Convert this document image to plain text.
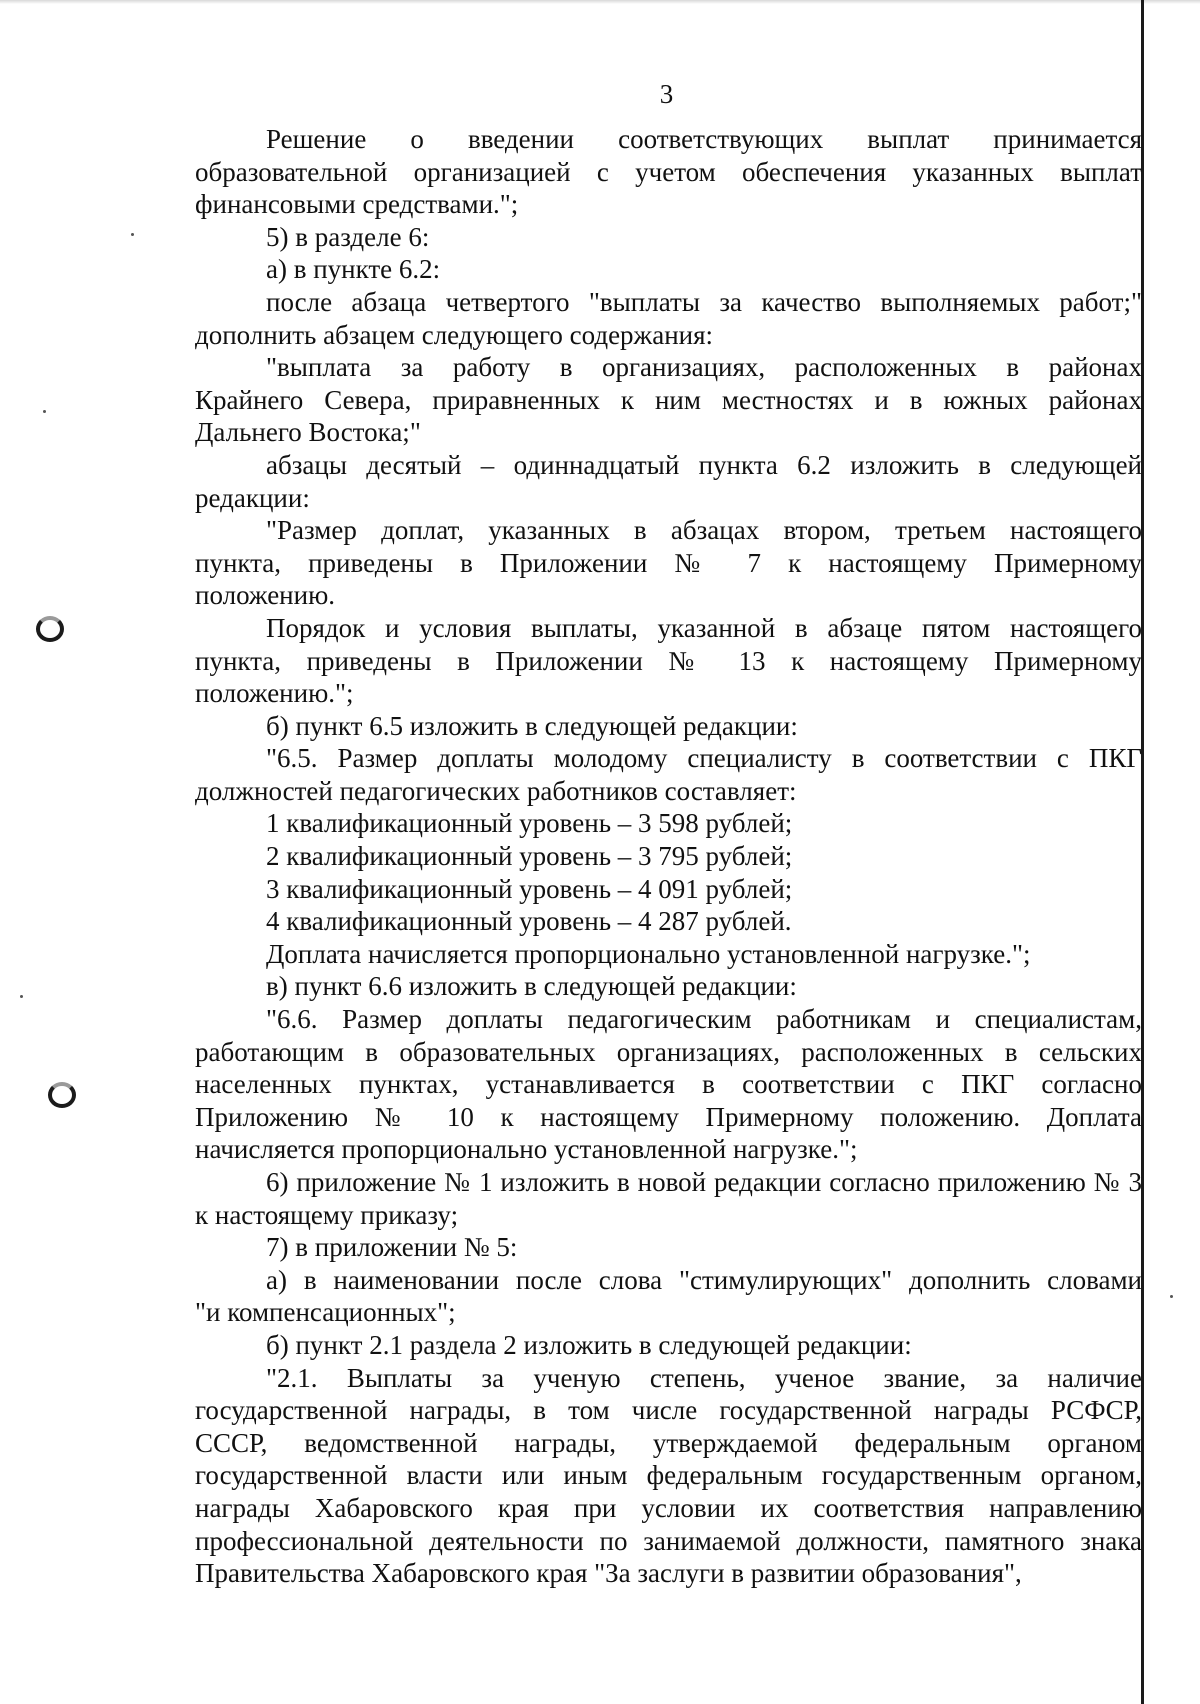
3
Решение о введении соответствующих выплат принимается
образовательной организацией с учетом обеспечения указанных выплат
финансовыми средствами.";
5) в разделе 6:
а) в пункте 6.2:
после абзаца четвертого "выплаты за качество выполняемых работ;"
дополнить абзацем следующего содержания:
"выплата за работу в организациях, расположенных в районах
Крайнего Севера, приравненных к ним местностях и в южных районах
Дальнего Востока;"
абзацы десятый – одиннадцатый пункта 6.2 изложить в следующей
редакции:
"Размер доплат, указанных в абзацах втором, третьем настоящего
пункта, приведены в Приложении № 7 к настоящему Примерному
положению.
Порядок и условия выплаты, указанной в абзаце пятом настоящего
пункта, приведены в Приложении № 13 к настоящему Примерному
положению.";
б) пункт 6.5 изложить в следующей редакции:
"6.5. Размер доплаты молодому специалисту в соответствии с ПКГ
должностей педагогических работников составляет:
1 квалификационный уровень – 3 598 рублей;
2 квалификационный уровень – 3 795 рублей;
3 квалификационный уровень – 4 091 рублей;
4 квалификационный уровень – 4 287 рублей.
Доплата начисляется пропорционально установленной нагрузке.";
в) пункт 6.6 изложить в следующей редакции:
"6.6. Размер доплаты педагогическим работникам и специалистам,
работающим в образовательных организациях, расположенных в сельских
населенных пунктах, устанавливается в соответствии с ПКГ согласно
Приложению № 10 к настоящему Примерному положению. Доплата
начисляется пропорционально установленной нагрузке.";
6) приложение № 1 изложить в новой редакции согласно приложению № 3
к настоящему приказу;
7) в приложении № 5:
а) в наименовании после слова "стимулирующих" дополнить словами
"и компенсационных";
б) пункт 2.1 раздела 2 изложить в следующей редакции:
"2.1. Выплаты за ученую степень, ученое звание, за наличие
государственной награды, в том числе государственной награды РСФСР,
СССР, ведомственной награды, утверждаемой федеральным органом
государственной власти или иным федеральным государственным органом,
награды Хабаровского края при условии их соответствия направлению
профессиональной деятельности по занимаемой должности, памятного знака
Правительства Хабаровского края "За заслуги в развитии образования",
